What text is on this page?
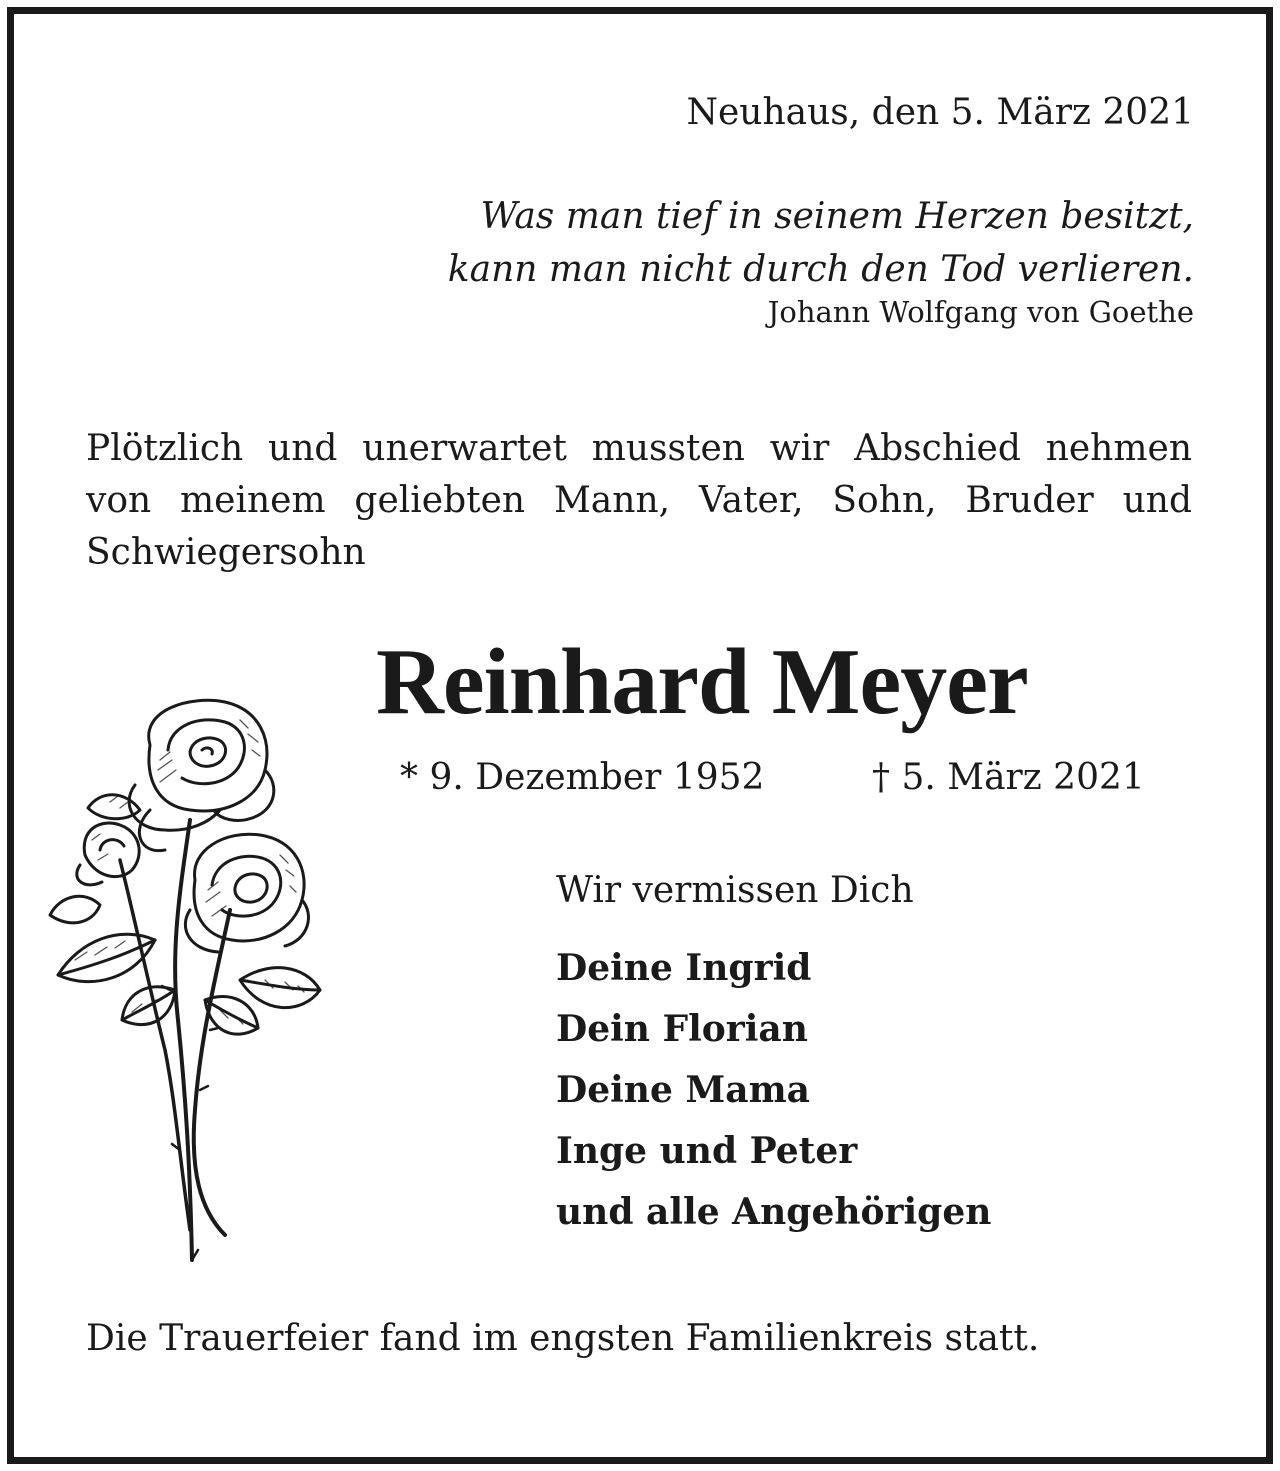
Neuhaus, den 5. März 2021

Was man tief in seinem Herzen besitzt,
kann man nicht durch den Tod verlieren.

Johann Wolfgang von Goethe

Plötzlich und unerwartet mussten wir Abschied nehmen
von meinem geliebten Mann, Vater, Sohn, Bruder und
Schwiegersohn
Reinhard Meyer

* 9. Dezember 1952	† 5. März 2021

Wir vermissen Dich

Deine Ingrid
Dein Florian
Deine Mama
Inge und Peter
und alle Angehörigen

Die Trauerfeier fand im engsten Familienkreis statt.
